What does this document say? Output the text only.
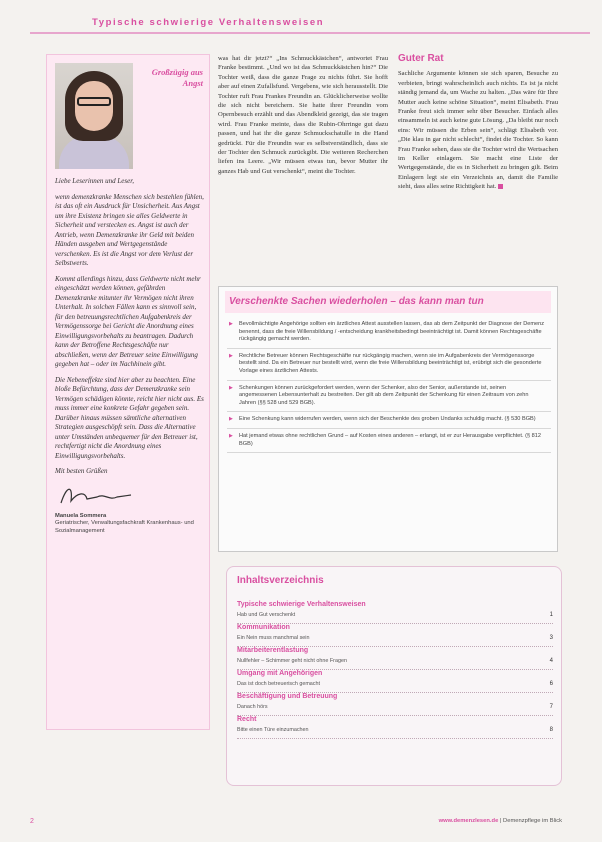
Typische schwierige Verhaltensweisen
Großzügig aus Angst

Liebe Leserinnen und Leser,

wenn demenzkranke Menschen sich bestehlen fühlen, ist das oft ein Ausdruck für Unsicherheit. Aus Angst um ihre Existenz bringen sie alles Geldwerte in Sicherheit und verstecken es. Angst ist auch der Antrieb, wenn Demenzkranke ihr Geld mit beiden Händen ausgeben und Wertgegenstände verschenken. Es ist die Angst vor dem Verlust der Selbstwerts.

Kommt allerdings hinzu, dass Geldwerte nicht mehr eingeschätzt werden können, gefährden Demenzkranke mitunter ihr Vermögen nicht ihren Unterhalt. In solchen Fällen kann es sinnvoll sein, für den betreuungsrechtlichen Aufgabenkreis der Vermögenssorge bei Gericht die Anordnung eines Einwilligungsvorbehalts zu beantragen. Dadurch kann der Betroffene Rechtsgeschäfte nur abschließen, wenn der Betreuer seine Einwilligung gegeben hat – oder im Nachhinein gibt.

Die Nebeneffekte sind hier aber zu beachten. Eine bloße Befürchtung, dass der Demenzkranke sein Vermögen schädigen könnte, reicht hier nicht aus. Es muss immer eine konkrete Gefahr gegeben sein. Darüber hinaus müssen sämtliche alternativen Strategien ausgeschöpft sein. Dass die Alternative unter Umständen unbequemer für den Betreuer ist, rechtfertigt nicht die Anordnung eines Einwilligungsvorbehalts.

Mit besten Grüßen

Manuela Sommera
Geriatrischer, Verwaltungsfachkraft Krankenhaus- und Sozialmanagement
was hat dir jetzt?“ „Ins Schmuckkästchen“, antwortet Frau Franke bestimmt. „Und wo ist das Schmuckkästchen hin?“ Die Tochter weiß, dass die ganze Frage zu nichts führt. Sie hofft aber auf einen Zufallsfund. Vergebens, wie sich herausstellt. Die Tochter ruft Frau Frankes Freundin an. Glücklicherweise wollte die sich nicht bereichern. Sie hatte ihrer Freundin vom Opernbesuch erzählt und das Abendkleid gezeigt, das sie tragen wird. Frau Franke meinte, dass die Rubin-Ohrringe gut dazu passen, und hat ihr die ganze Schmuckschatulle in die Hand gedrückt. Für die Freundin war es selbstverständlich, dass sie der Tochter den Schmuck zurückgibt. Die weiteren Recherchen liefen ins Leere. „Wir müssen etwas tun, bevor Mutter ihr ganzes Hab und Gut verschenkt“, meint die Tochter.
Guter Rat
Sachliche Argumente können sie sich sparen, Besuche zu verbieten, bringt wahrscheinlich auch nichts. Es ist ja nicht ständig jemand da, um Wache zu halten. „Das wäre für Ihre Mutter auch keine schöne Situation“, meint Elisabeth. Frau Franke freut sich immer sehr über Besucher. Einfach alles einsammeln ist auch keine gute Lösung. „Da bleibt nur noch eins: Wir müssen die Erben sein“, schlägt Elisabeth vor. „Die klau in gar nicht schlecht“, findet die Tochter. So kann Frau Franke sehen, dass sie die Tochter wird die Wertsachen im Keller einlagern. Sie macht eine Liste der Wertgegenstände, die es in Sicherheit zu bringen gilt. Beim Einlagern legt sie ein Verzeichnis an, damit die Familie sieht, dass alles seine Richtigkeit hat.
Verschenkte Sachen wiederholen – das kann man tun
▶ Bevollmächtigte Angehörige sollten ein ärztliches Attest ausstellen lassen, das ab dem Zeitpunkt der Diagnose der Demenz benennt, dass die freie Willensbildung / -entscheidung krankheitsbedingt beeinträchtigt ist. Damit können Rechtsgeschäfte rückgängig gemacht werden.
▶ Rechtliche Betreuer können Rechtsgeschäfte nur rückgängig machen, wenn sie im Aufgabenkreis der Vermögenssorge bestellt sind. Da ein Betreuer nur bestellt wird, wenn die freie Willensbildung beeinträchtigt ist, erübrigt sich die gesonderte Vorlage eines ärztlichen Attests.
▶ Schenkungen können zurückgefordert werden, wenn der Schenker, also der Senior, außerstande ist, seinen angemessenen Lebensunterhalt zu bestreiten. Der gilt ab dem Zeitpunkt der Schenkung für einen Zeitraum von zehn Jahren (§§ 528 und 529 BGB).
▶ Eine Schenkung kann widerrufen werden, wenn sich der Beschenkte des groben Undanks schuldig macht. (§ 530 BGB)
▶ Hat jemand etwas ohne rechtlichen Grund – auf Kosten eines anderen – erlangt, ist er zur Herausgabe verpflichtet. (§ 812 BGB)
Inhaltsverzeichnis
Typische schwierige Verhaltensweisen
Hab und Gut verschenkt	1
Kommunikation
Ein Nein muss manchmal sein	3
Mitarbeiterentlastung
Nullfehler – Schimmer geht nicht ohne Fragen	4
Umgang mit Angehörigen
Das ist doch betreuerisch gemacht	6
Beschäftigung und Betreuung
Danach hörs	7
Recht
Bitte einen Türe einzumachen	8
2	www.demenzlesen.de | Demenzpflege im Blick
